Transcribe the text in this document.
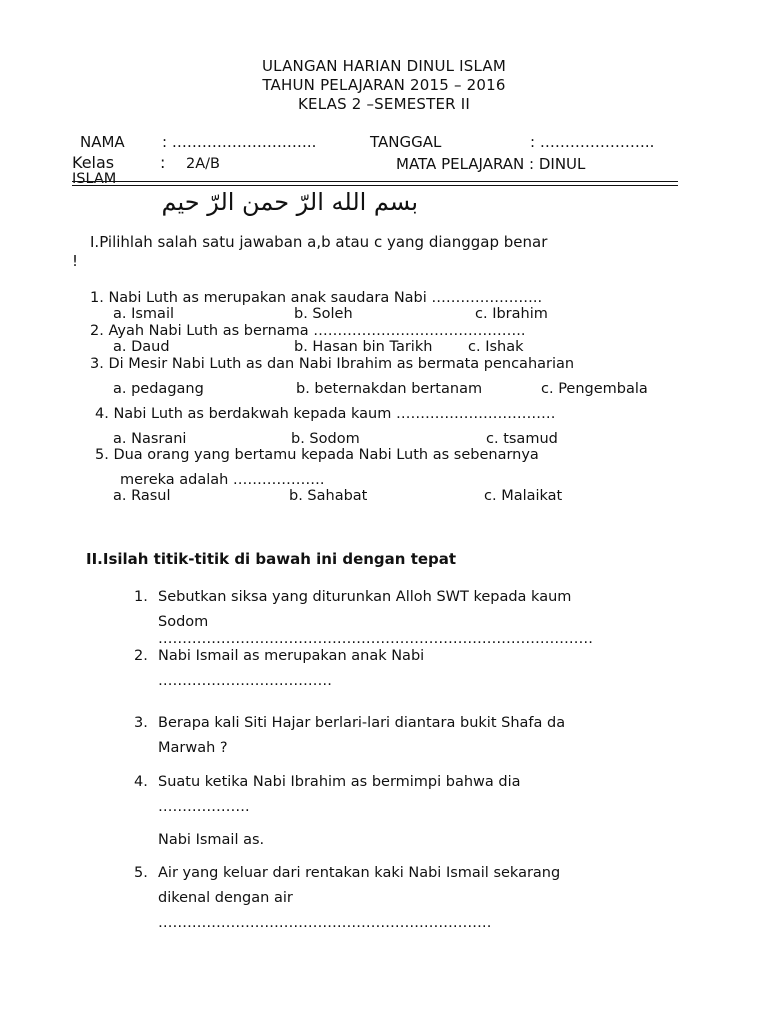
ULANGAN HARIAN DINUL ISLAM
TAHUN PELAJARAN 2015 – 2016
KELAS 2 –SEMESTER II
NAMA : ………………………..	TANGGAL	: …………………..
Kelas	: 2A/B	MATA PELAJARAN : DINUL
ISLAM
بسم الله الرّ حمن الرّ حيم
I.Pilihlah salah satu jawaban a,b atau c yang dianggap benar
!
1. Nabi Luth as merupakan anak saudara Nabi …………………..
a. Ismail	b. Soleh	c. Ibrahim
2. Ayah Nabi Luth as bernama ……………………………………..
a. Daud	b. Hasan bin Tarikh c. Ishak
3. Di Mesir Nabi Luth as dan Nabi Ibrahim as bermata pencaharian
a. pedagang	b. beternakdan bertanam	c. Pengembala
4. Nabi Luth as berdakwah kepada kaum ……………………………
a. Nasrani	b. Sodom	c. tsamud
5. Dua orang yang bertamu kepada Nabi Luth as sebenarnya
mereka adalah ……………….
a. Rasul	b. Sahabat	c. Malaikat
II.Isilah titik-titik di bawah ini dengan tepat
1. Sebutkan siksa yang diturunkan Alloh SWT kepada kaum
Sodom
………………………………………………………………………………
2. Nabi Ismail as merupakan anak Nabi
………………………………
3. Berapa kali Siti Hajar berlari-lari diantara bukit Shafa da
Marwah ?
4. Suatu ketika Nabi Ibrahim as bermimpi bahwa dia
……………….
Nabi Ismail as.
5. Air yang keluar dari rentakan kaki Nabi Ismail sekarang
dikenal dengan air
……………………………………………………………
